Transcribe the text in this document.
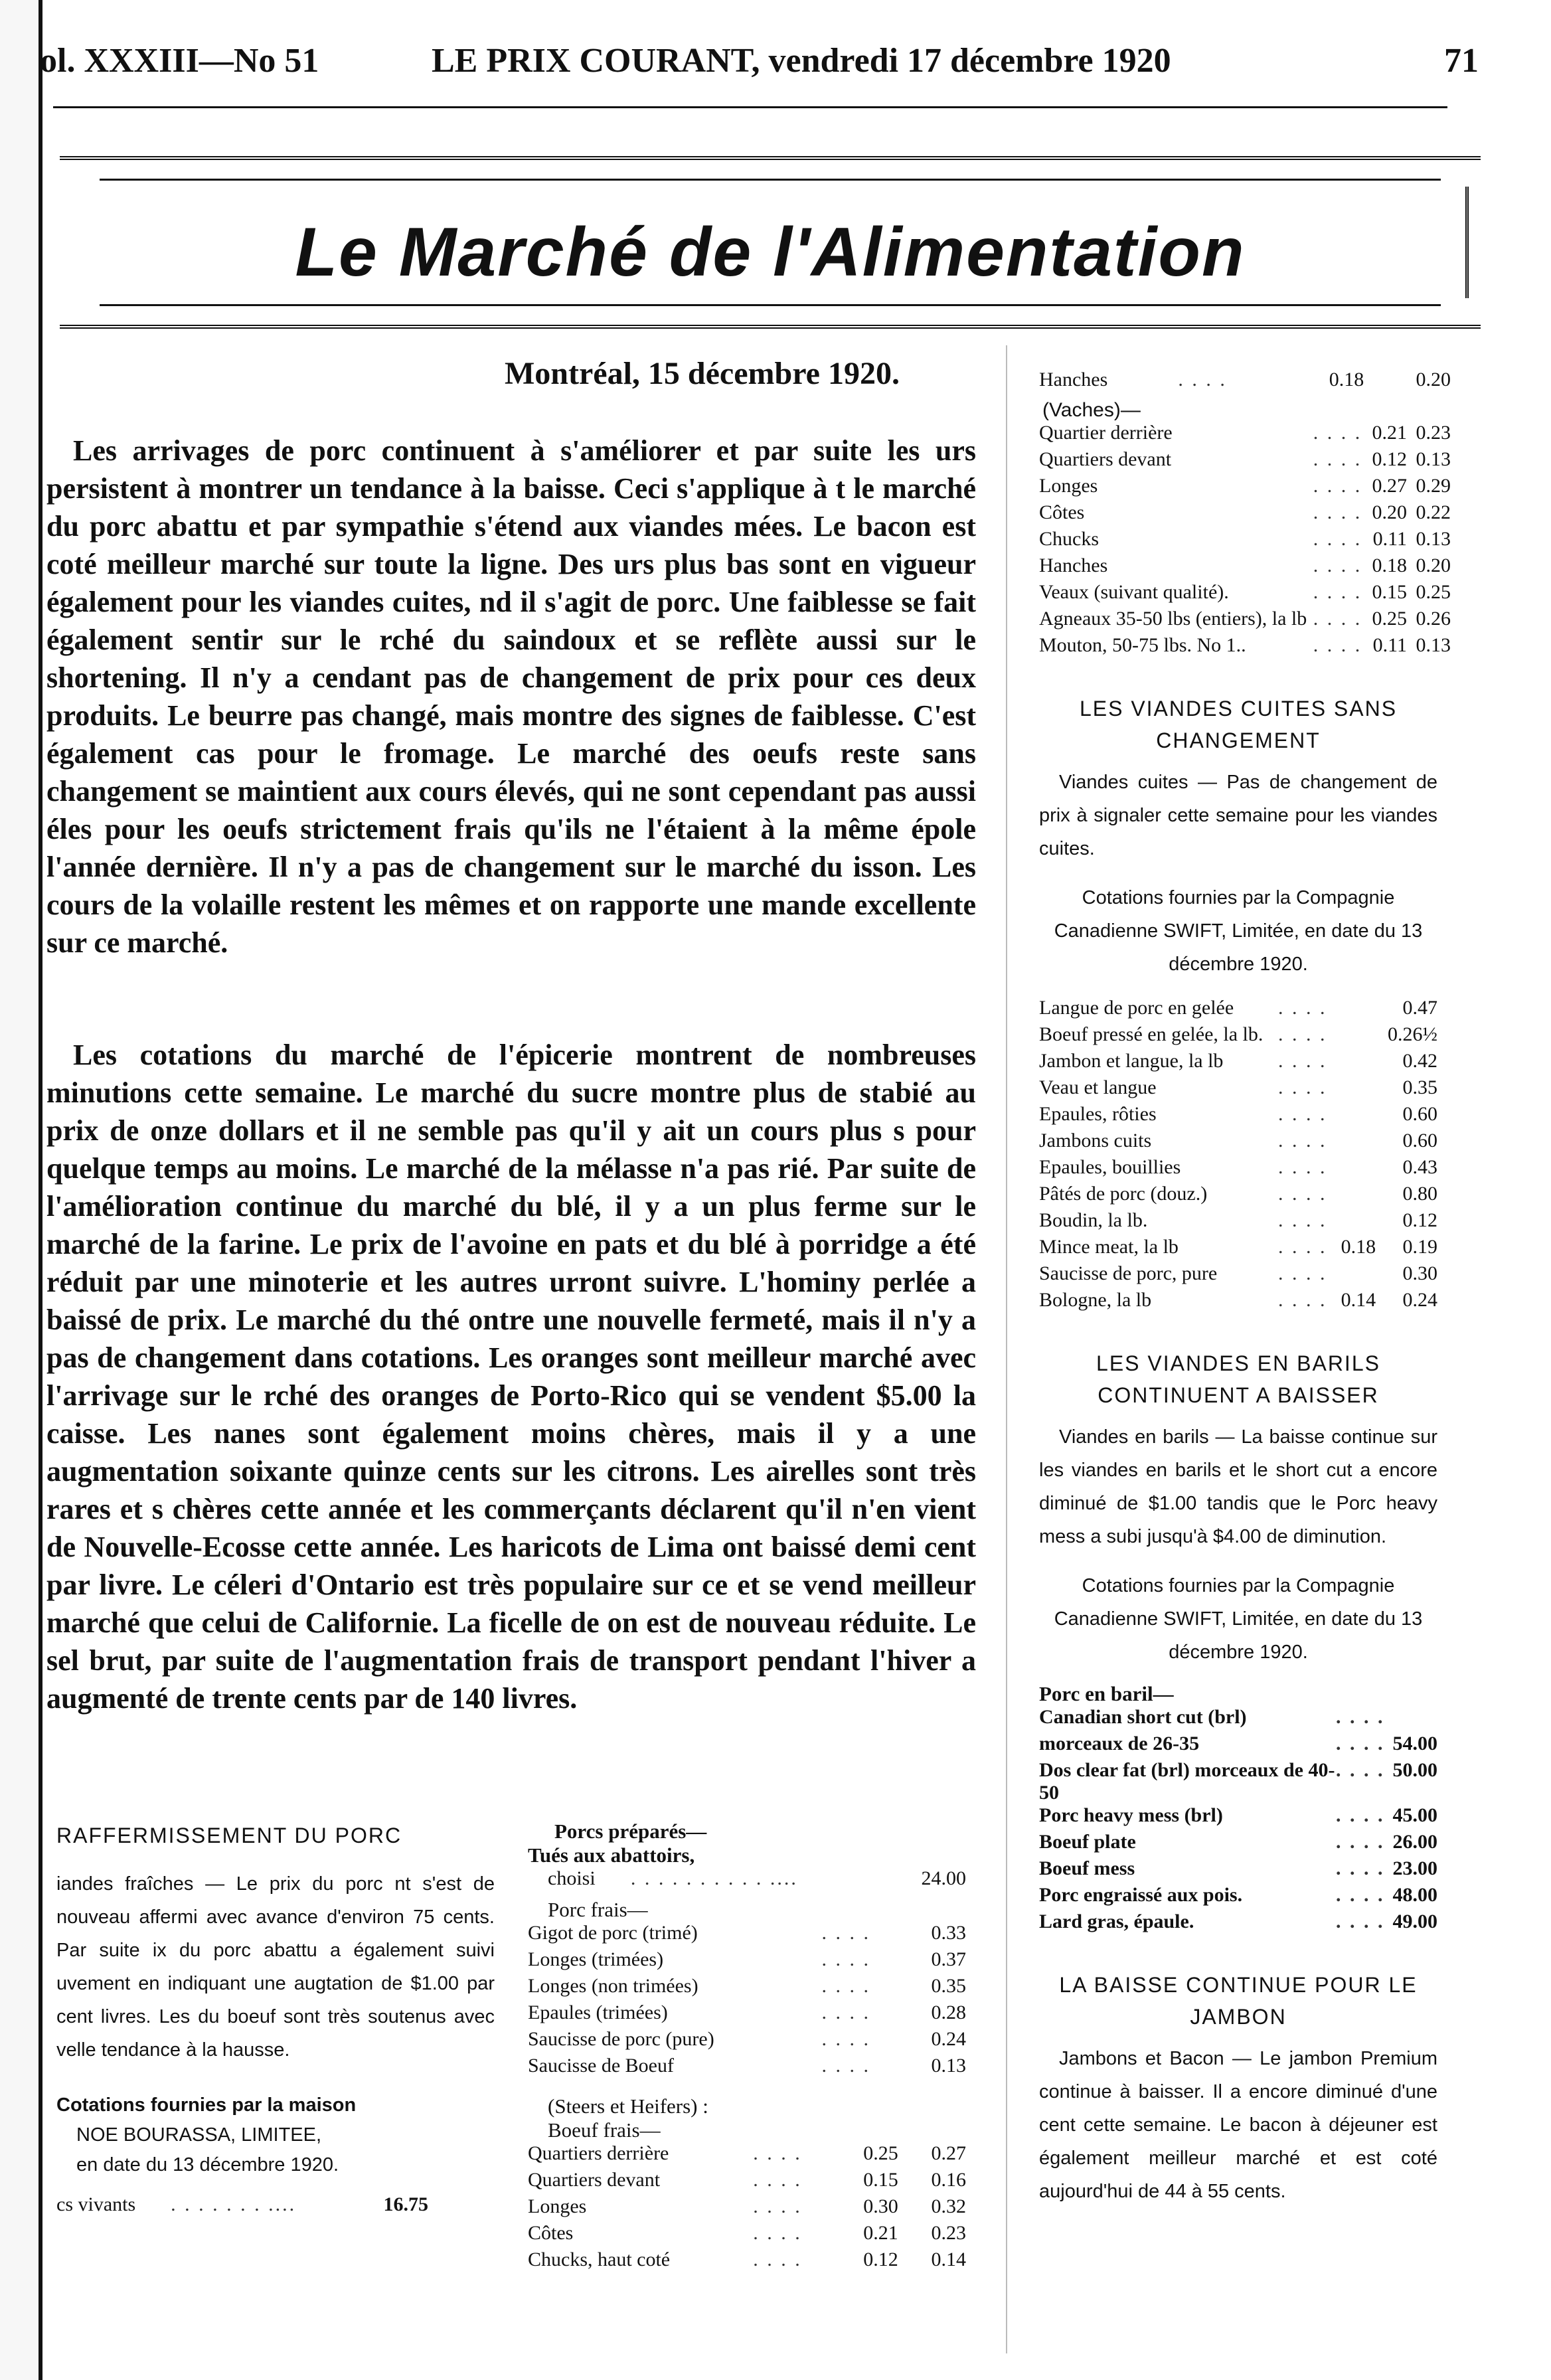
ol. XXXIII—No 51	LE PRIX COURANT, vendredi 17 décembre 1920	71
Le Marché de l'Alimentation
Montréal, 15 décembre 1920.
Les arrivages de porc continuent à s'améliorer et par suite les urs persistent à montrer un tendance à la baisse. Ceci s'applique à t le marché du porc abattu et par sympathie s'étend aux viandes mées. Le bacon est coté meilleur marché sur toute la ligne. Des urs plus bas sont en vigueur également pour les viandes cuites, nd il s'agit de porc. Une faiblesse se fait également sentir sur le rché du saindoux et se reflète aussi sur le shortening. Il n'y a cendant pas de changement de prix pour ces deux produits. Le beurre pas changé, mais montre des signes de faiblesse. C'est également cas pour le fromage. Le marché des oeufs reste sans changement se maintient aux cours élevés, qui ne sont cependant pas aussi éles pour les oeufs strictement frais qu'ils ne l'étaient à la même épole l'année dernière. Il n'y a pas de changement sur le marché du isson. Les cours de la volaille restent les mêmes et on rapporte une mande excellente sur ce marché.
Les cotations du marché de l'épicerie montrent de nombreuses minutions cette semaine. Le marché du sucre montre plus de stabié au prix de onze dollars et il ne semble pas qu'il y ait un cours plus s pour quelque temps au moins. Le marché de la mélasse n'a pas rié. Par suite de l'amélioration continue du marché du blé, il y a un plus ferme sur le marché de la farine. Le prix de l'avoine en pats et du blé à porridge a été réduit par une minoterie et les autres urront suivre. L'hominy perlée a baissé de prix. Le marché du thé ontre une nouvelle fermeté, mais il n'y a pas de changement dans cotations. Les oranges sont meilleur marché avec l'arrivage sur le rché des oranges de Porto-Rico qui se vendent $5.00 la caisse. Les nanes sont également moins chères, mais il y a une augmentation soixante quinze cents sur les citrons. Les airelles sont très rares et s chères cette année et les commerçants déclarent qu'il n'en vient de Nouvelle-Ecosse cette année. Les haricots de Lima ont baissé demi cent par livre. Le céleri d'Ontario est très populaire sur ce et se vend meilleur marché que celui de Californie. La ficelle de on est de nouveau réduite. Le sel brut, par suite de l'augmentation frais de transport pendant l'hiver a augmenté de trente cents par de 140 livres.
RAFFERMISSEMENT DU PORC
iandes fraîches — Le prix du porc nt s'est de nouveau affermi avec avance d'environ 75 cents. Par suite ix du porc abattu a également suivi uvement en indiquant une augtation de $1.00 par cent livres. Les du boeuf sont très soutenus avec velle tendance à la hausse.
Cotations fournies par la maison
NOE BOURASSA, LIMITEE,
en date du 13 décembre 1920.
cs vivants	. . . . . . . ....	16.75
Porcs préparés—
Tués aux abattoirs,
choisi	. . . . . . . . . . ....	24.00
Porc frais—
Gigot de porc (trimé)	. . . .	0.33
Longes (trimées)	. . . .	0.37
Longes (non trimées)	. . . .	0.35
Epaules (trimées)	. . . .	0.28
Saucisse de porc (pure)	. . . .	0.24
Saucisse de Boeuf	. . . .	0.13
(Steers et Heifers) :
Boeuf frais—
Quartiers derrière	. . . .	0.25	0.27
Quartiers devant	. . . .	0.15	0.16
Longes	. . . .	0.30	0.32
Côtes	. . . .	0.21	0.23
Chucks, haut coté	. . . .	0.12	0.14
Hanches	. . . .	0.18	0.20
(Vaches)—
Quartier derrière	. . . .	0.21	0.23
Quartiers devant	. . . .	0.12	0.13
Longes	. . . .	0.27	0.29
Côtes	. . . .	0.20	0.22
Chucks	. . . .	0.11	0.13
Hanches	. . . .	0.18	0.20
Veaux (suivant qualité).	. . . .	0.15	0.25
Agneaux 35-50 lbs (entiers), la lb	. . . .	0.25	0.26
Mouton, 50-75 lbs. No 1..	. . . .	0.11	0.13
LES VIANDES CUITES SANS CHANGEMENT
Viandes cuites — Pas de changement de prix à signaler cette semaine pour les viandes cuites.
Cotations fournies par la Compagnie Canadienne SWIFT, Limitée, en date du 13 décembre 1920.
Langue de porc en gelée	. . . .		0.47
Boeuf pressé en gelée, la lb.	. . . .		0.26½
Jambon et langue, la lb	. . . .		0.42
Veau et langue	. . . .		0.35
Epaules, rôties	. . . .		0.60
Jambons cuits	. . . .		0.60
Epaules, bouillies	. . . .		0.43
Pâtés de porc (douz.)	. . . .		0.80
Boudin, la lb.	. . . .		0.12
Mince meat, la lb	. . . .	0.18	0.19
Saucisse de porc, pure	. . . .		0.30
Bologne, la lb	. . . .	0.14	0.24
LES VIANDES EN BARILS CONTINUENT A BAISSER
Viandes en barils — La baisse continue sur les viandes en barils et le short cut a encore diminué de $1.00 tandis que le Porc heavy mess a subi jusqu'à $4.00 de diminution.
Cotations fournies par la Compagnie Canadienne SWIFT, Limitée, en date du 13 décembre 1920.
Porc en baril—
Canadian short cut (brl)	. . . .	
morceaux de 26-35	. . . .	54.00
Dos clear fat (brl) morceaux de 40-50	. . . .	50.00
Porc heavy mess (brl)	. . . .	45.00
Boeuf plate	. . . .	26.00
Boeuf mess	. . . .	23.00
Porc engraissé aux pois.	. . . .	48.00
Lard gras, épaule.	. . . .	49.00
LA BAISSE CONTINUE POUR LE JAMBON
Jambons et Bacon — Le jambon Premium continue à baisser. Il a encore diminué d'une cent cette semaine. Le bacon à déjeuner est également meilleur marché et est coté aujourd'hui de 44 à 55 cents.
